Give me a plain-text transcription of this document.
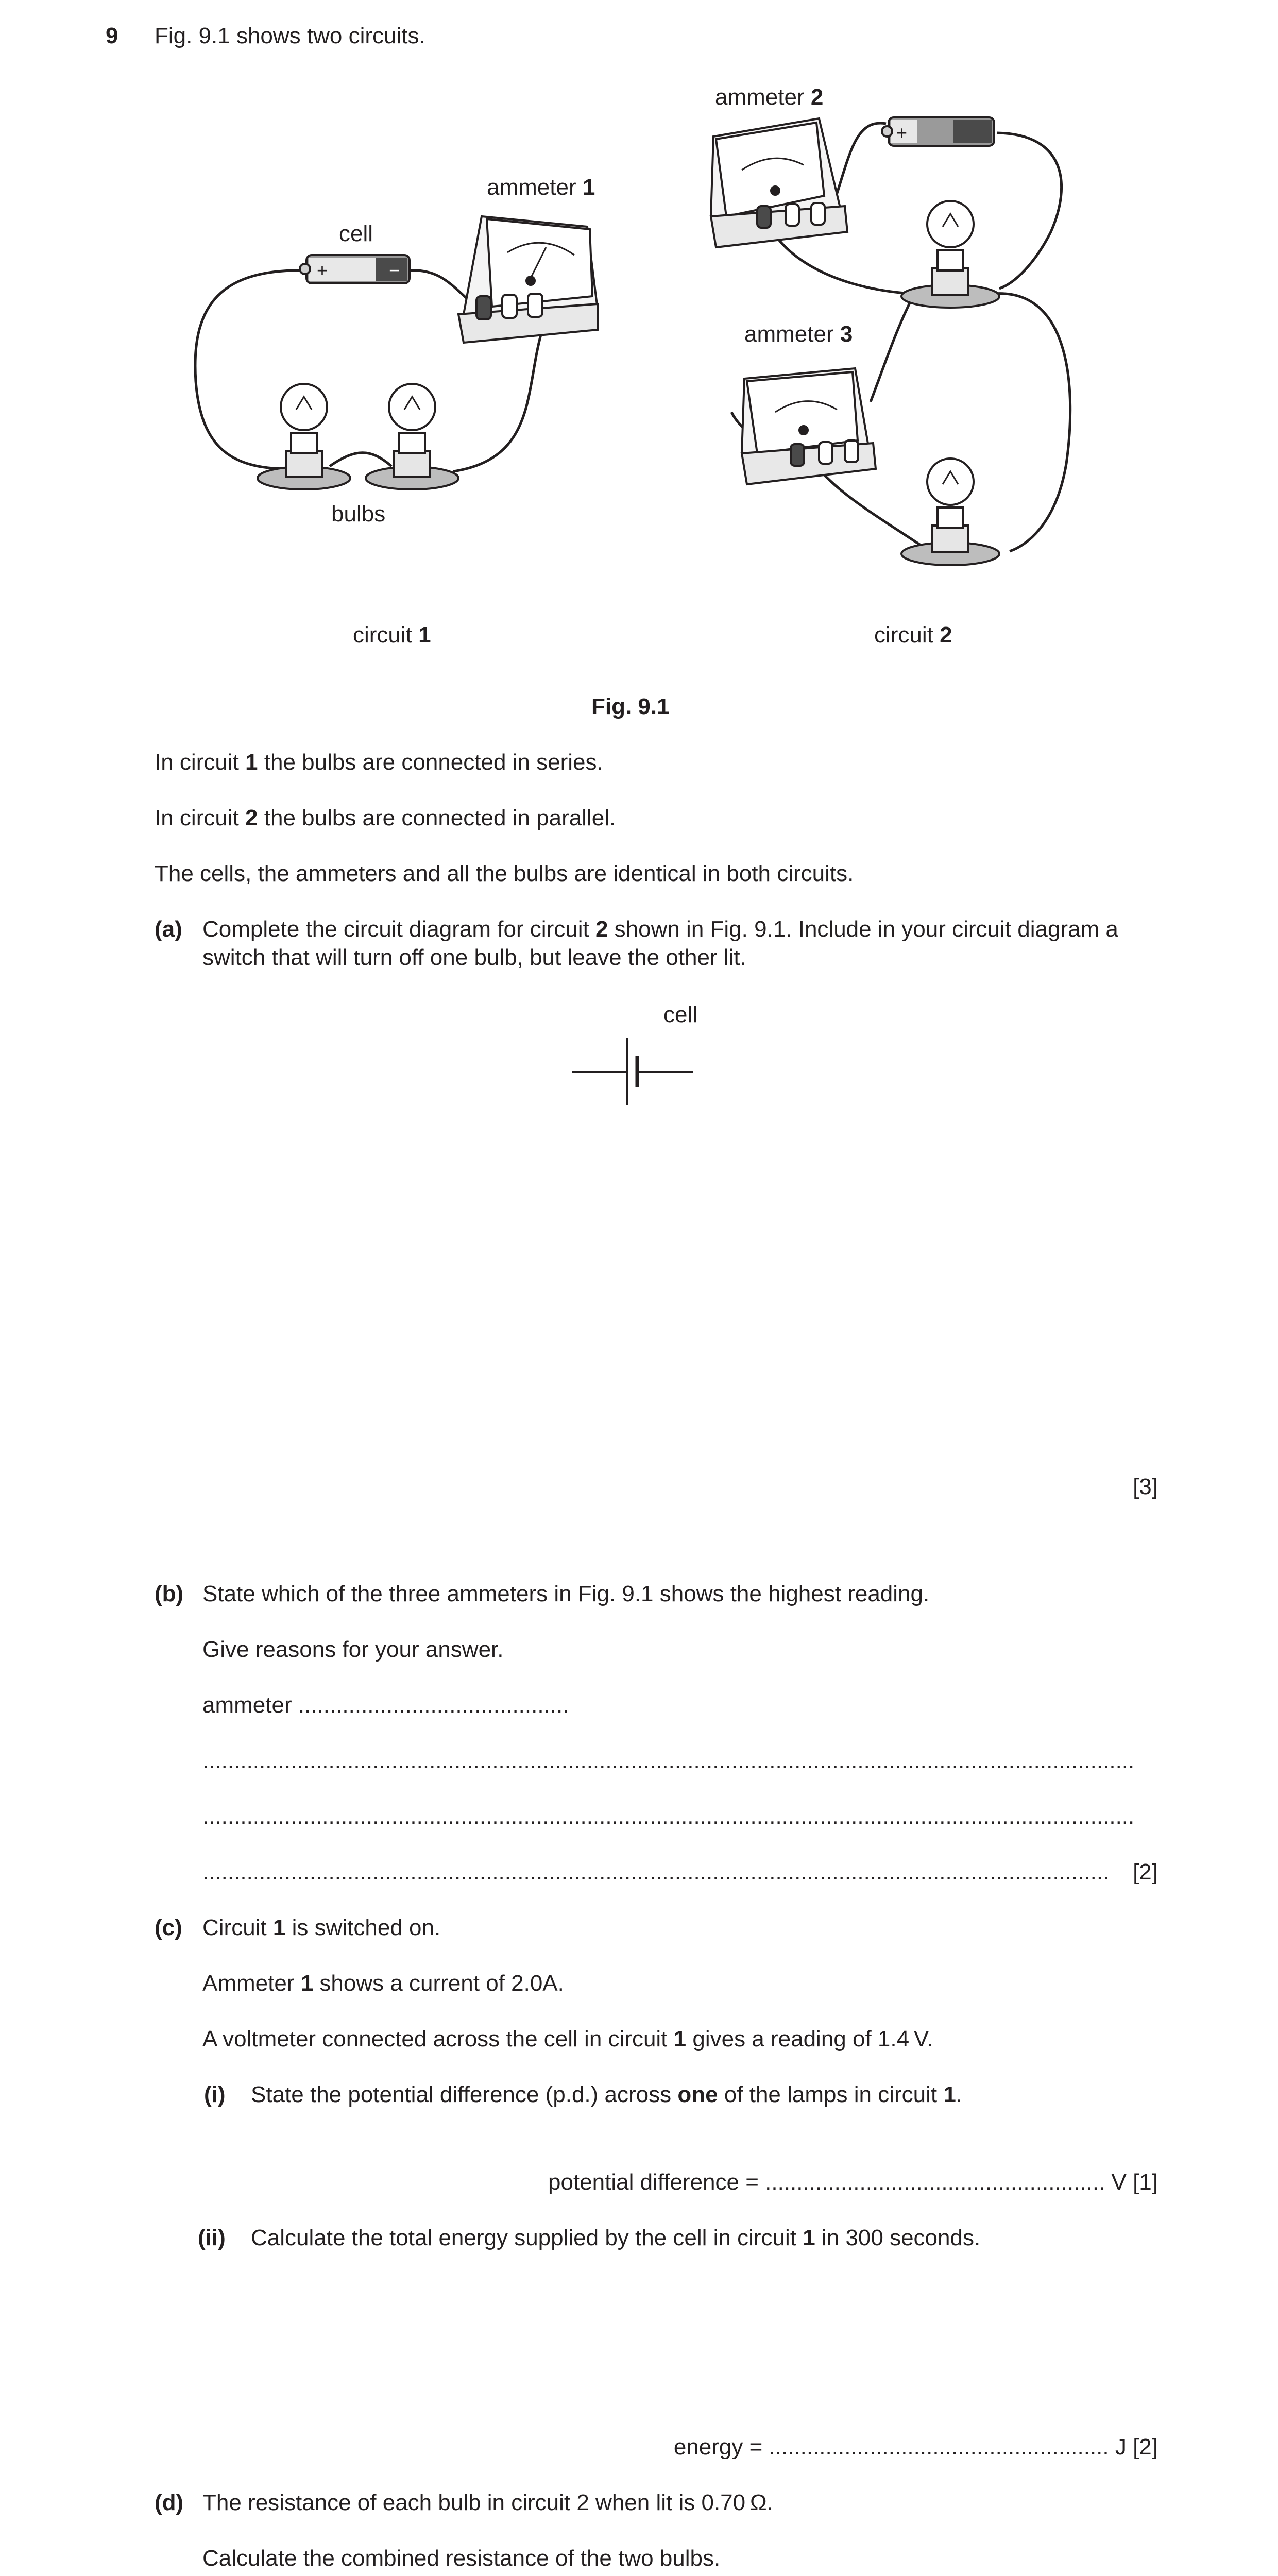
9 Fig. 9.1 shows two circuits.
+	−
+
cell
ammeter 1
bulbs
ammeter 2
ammeter 3
circuit 1	circuit 2
Fig. 9.1
In circuit 1 the bulbs are connected in series.
In circuit 2 the bulbs are connected in parallel.
The cells, the ammeters and all the bulbs are identical in both circuits.
(a) Complete the circuit diagram for circuit 2 shown in Fig. 9.1. Include in your circuit diagram a
switch that will turn off one bulb, but leave the other lit.
cell
[3]
(b) State which of the three ammeters in Fig. 9.1 shows the highest reading.
Give reasons for your answer.
ammeter ...........................................
....................................................................................................................................................
....................................................................................................................................................
................................................................................................................................................	[2]
(c) Circuit 1 is switched on.
Ammeter 1 shows a current of 2.0A.
A voltmeter connected across the cell in circuit 1 gives a reading of 1.4 V.
(i) State the potential difference (p.d.) across one of the lamps in circuit 1.
potential difference = ...................................................... V [1]
(ii) Calculate the total energy supplied by the cell in circuit 1 in 300 seconds.
energy = ...................................................... J [2]
(d) The resistance of each bulb in circuit 2 when lit is 0.70 Ω.
Calculate the combined resistance of the two bulbs.
